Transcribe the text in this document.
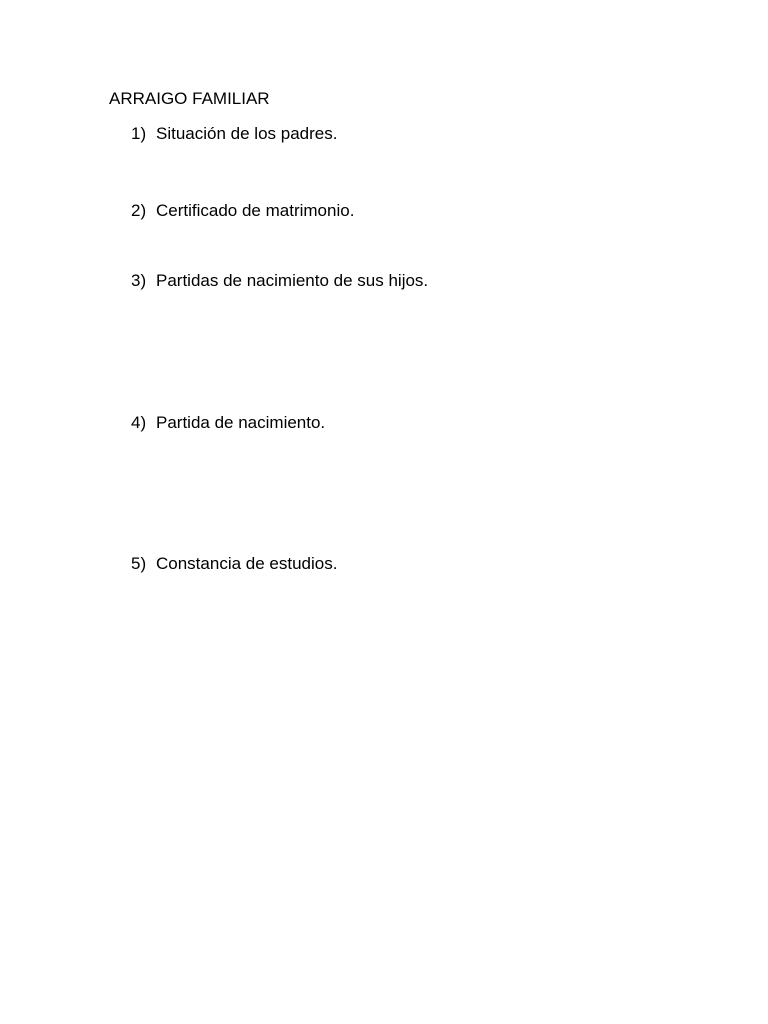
ARRAIGO FAMILIAR
1) Situación de los padres.
2) Certificado de matrimonio.
3) Partidas de nacimiento de sus hijos.
4) Partida de nacimiento.
5) Constancia de estudios.
